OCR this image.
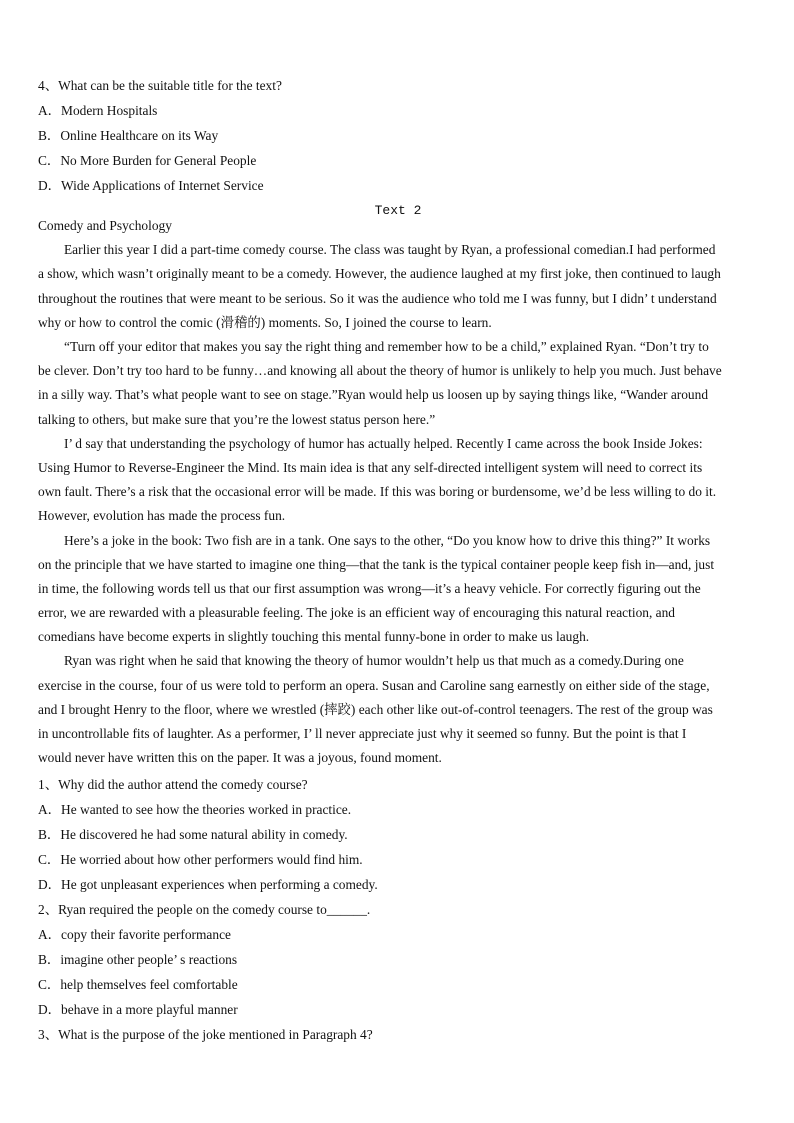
4、What can be the suitable title for the text?
A．Modern Hospitals
B．Online Healthcare on its Way
C．No More Burden for General People
D．Wide Applications of Internet Service
Text 2
Comedy and Psychology
Earlier this year I did a part-time comedy course. The class was taught by Ryan, a professional comedian.I had performed
a show, which wasn’t originally meant to be a comedy. However, the audience laughed at my first joke, then continued to laugh
throughout the routines that were meant to be serious. So it was the audience who told me I was funny, but I didn’ t understand
why or how to control the comic (滑稽的) moments. So, I joined the course to learn.
“Turn off your editor that makes you say the right thing and remember how to be a child,” explained Ryan. “Don’t try to
be clever. Don’t try too hard to be funny…and knowing all about the theory of humor is unlikely to help you much. Just behave
in a silly way. That’s what people want to see on stage.”Ryan would help us loosen up by saying things like, “Wander around
talking to others, but make sure that you’re the lowest status person here.”
I’ d say that understanding the psychology of humor has actually helped. Recently I came across the book Inside Jokes:
Using Humor to Reverse-Engineer the Mind. Its main idea is that any self-directed intelligent system will need to correct its
own fault. There’s a risk that the occasional error will be made. If this was boring or burdensome, we’d be less willing to do it.
However, evolution has made the process fun.
Here’s a joke in the book: Two fish are in a tank. One says to the other, “Do you know how to drive this thing?” It works
on the principle that we have started to imagine one thing—that the tank is the typical container people keep fish in—and, just
in time, the following words tell us that our first assumption was wrong—it’s a heavy vehicle. For correctly figuring out the
error, we are rewarded with a pleasurable feeling. The joke is an efficient way of encouraging this natural reaction, and
comedians have become experts in slightly touching this mental funny-bone in order to make us laugh.
Ryan was right when he said that knowing the theory of humor wouldn’t help us that much as a comedy.During one
exercise in the course, four of us were told to perform an opera. Susan and Caroline sang earnestly on either side of the stage,
and I brought Henry to the floor, where we wrestled (摔跤) each other like out-of-control teenagers. The rest of the group was
in uncontrollable fits of laughter. As a performer, I’ ll never appreciate just why it seemed so funny. But the point is that I
would never have written this on the paper. It was a joyous, found moment.
1、Why did the author attend the comedy course?
A．He wanted to see how the theories worked in practice.
B．He discovered he had some natural ability in comedy.
C．He worried about how other performers would find him.
D．He got unpleasant experiences when performing a comedy.
2、Ryan required the people on the comedy course to______.
A．copy their favorite performance
B．imagine other people’ s reactions
C．help themselves feel comfortable
D．behave in a more playful manner
3、What is the purpose of the joke mentioned in Paragraph 4?
